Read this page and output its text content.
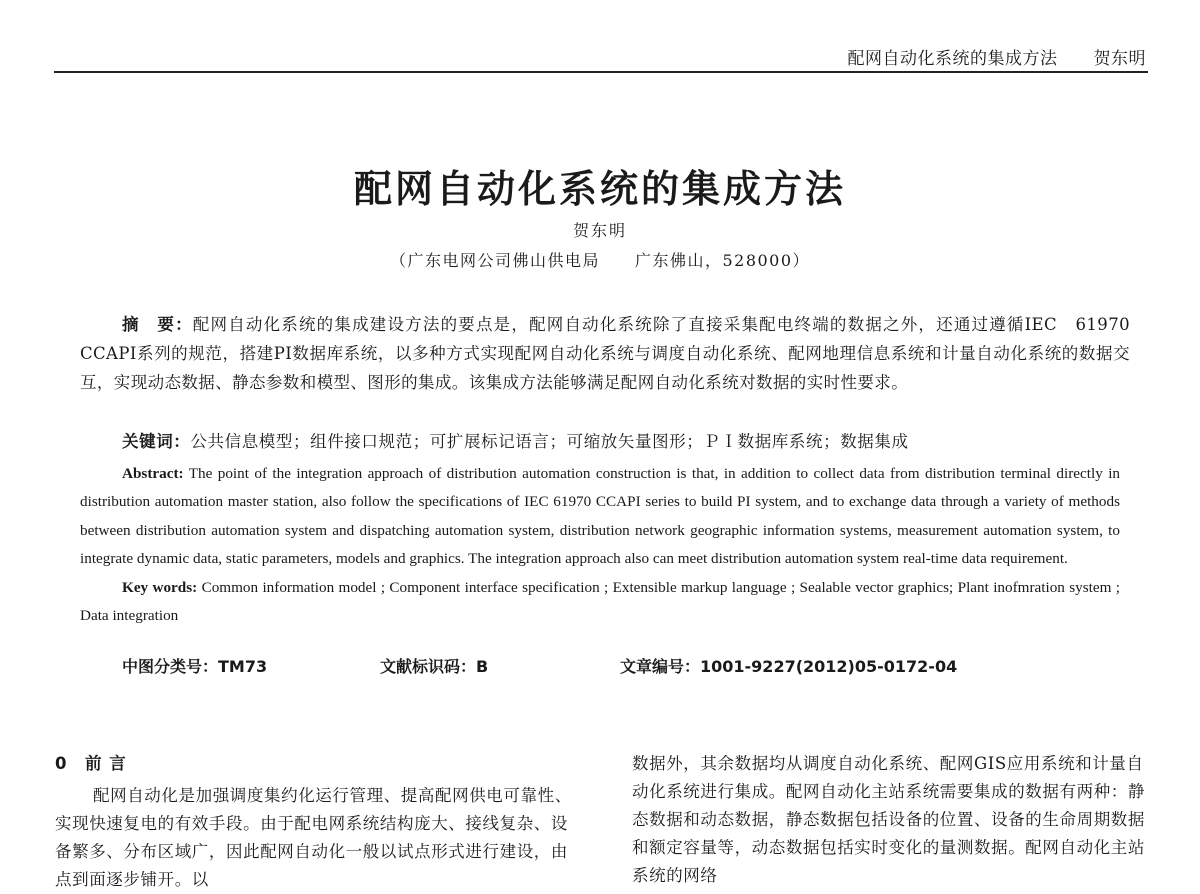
配网自动化系统的集成方法 贺东明
配网自动化系统的集成方法
贺东明
（广东电网公司佛山供电局　　广东佛山，528000）
摘　要：配网自动化系统的集成建设方法的要点是，配网自动化系统除了直接采集配电终端的数据之外，还通过遵循IEC　61970　CCAPI系列的规范，搭建PI数据库系统，以多种方式实现配网自动化系统与调度自动化系统、配网地理信息系统和计量自动化系统的数据交互，实现动态数据、静态参数和模型、图形的集成。该集成方法能够满足配网自动化系统对数据的实时性要求。
关键词：公共信息模型；组件接口规范；可扩展标记语言；可缩放矢量图形；ＰＩ数据库系统；数据集成

Abstract: The point of the integration approach of distribution automation construction is that, in addition to collect data from distribution terminal directly in distribution automation master station, also follow the specifications of IEC 61970 CCAPI series to build PI system, and to exchange data through a variety of methods between distribution automation system and dispatching automation system, distribution network geographic information systems, measurement automation system, to integrate dynamic data, static parameters, models and graphics. The integration approach also can meet distribution automation system real-time data requirement.

Key words: Common information model ; Component interface specification ; Extensible markup language ; Sealable vector graphics; Plant inofmration system ; Data integration

中图分类号：TM73	文献标识码：B	文章编号：1001-9227(2012)05-0172-04
0　前 言

配网自动化是加强调度集约化运行管理、提高配网供电可靠性、实现快速复电的有效手段。由于配电网系统结构庞大、接线复杂、设备繁多、分布区域广，因此配网自动化一般以试点形式进行建设，由点到面逐步铺开。以

数据外，其余数据均从调度自动化系统、配网GIS应用系统和计量自动化系统进行集成。配网自动化主站系统需要集成的数据有两种：静态数据和动态数据，静态数据包括设备的位置、设备的生命周期数据和额定容量等，动态数据包括实时变化的量测数据。配网自动化主站系统的网络
